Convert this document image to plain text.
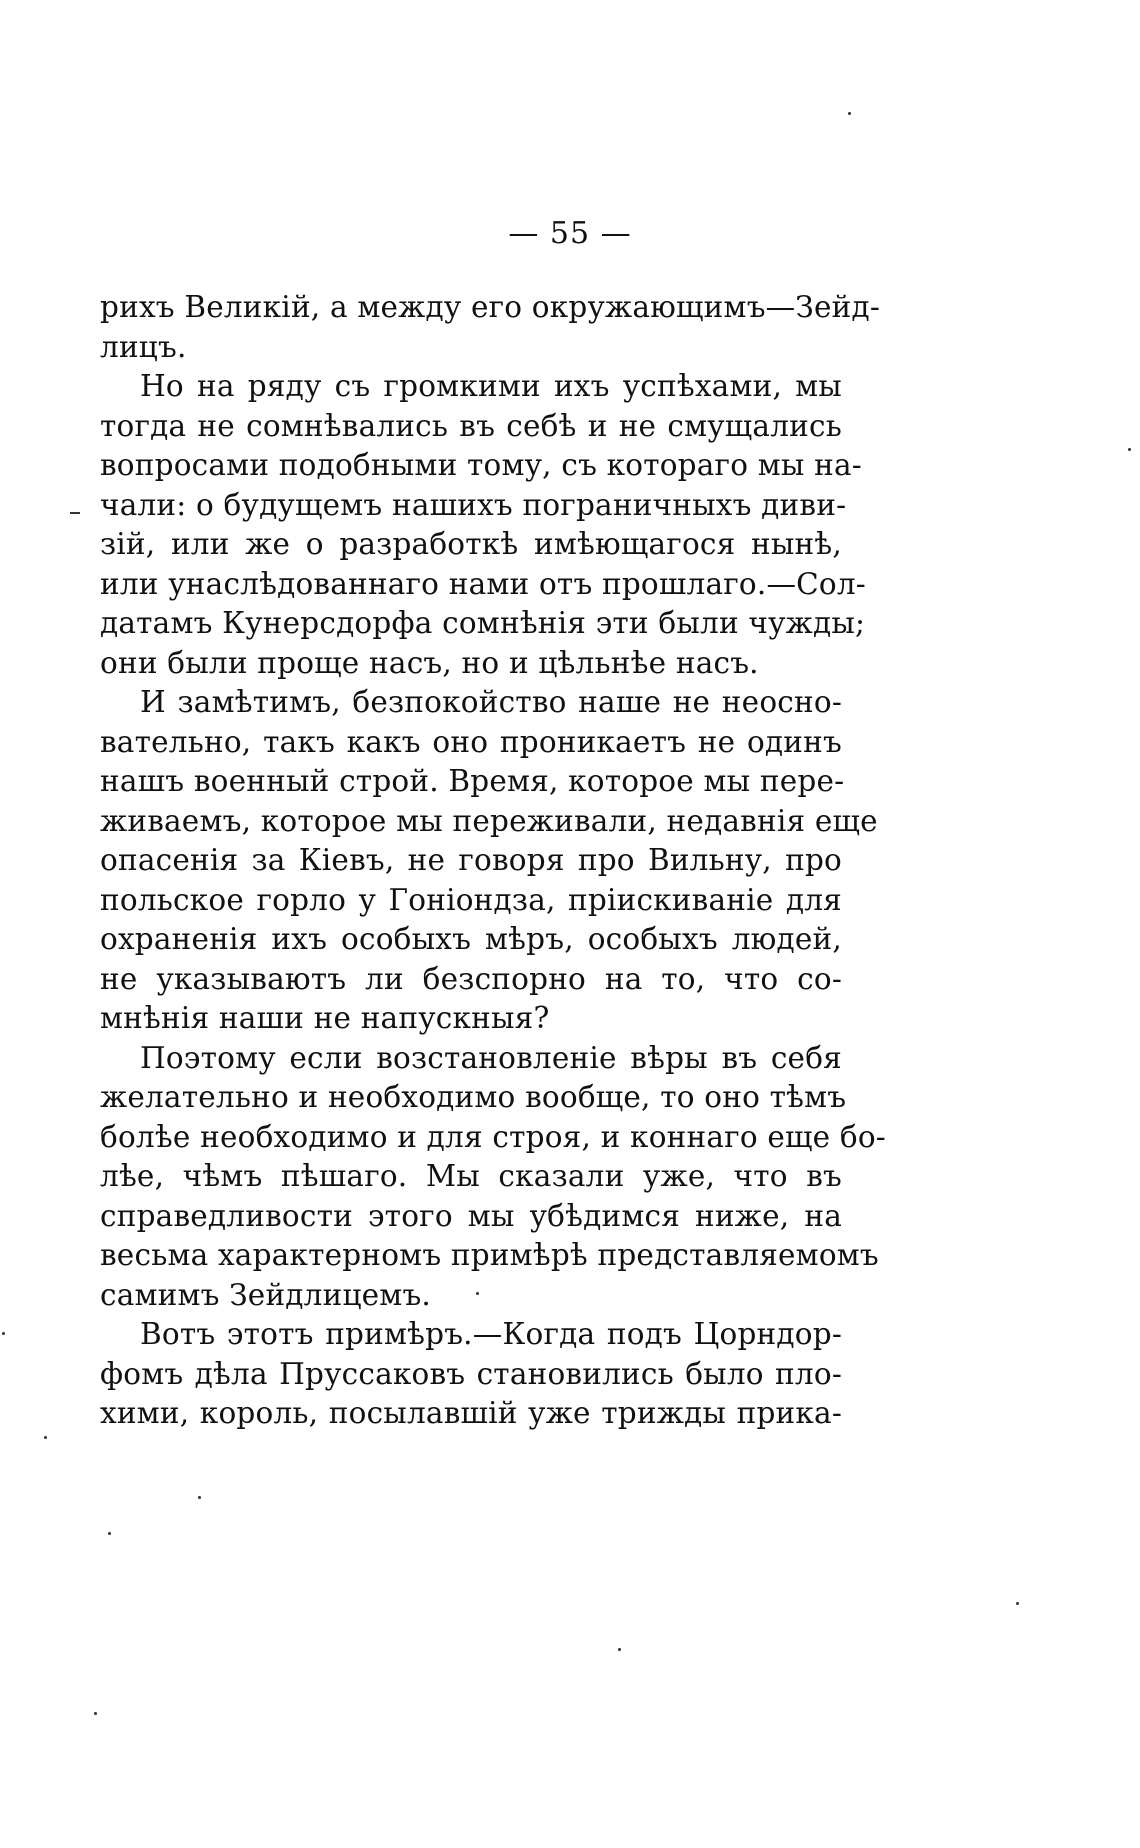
— 55 —
рихъ Великій, а между его окружающимъ—Зейд-
лицъ.
Но на ряду съ громкими ихъ успѣхами, мы
тогда не сомнѣвались въ себѣ и не смущались
вопросами подобными тому, съ котораго мы на-
чали: о будущемъ нашихъ пограничныхъ диви-
зій, или же о разработкѣ имѣющагося нынѣ,
или унаслѣдованнаго нами отъ прошлаго.—Сол-
датамъ Кунерсдорфа сомнѣнія эти были чужды;
они были проще насъ, но и цѣльнѣе насъ.
И замѣтимъ, безпокойство наше не неосно-
вательно, такъ какъ оно проникаетъ не одинъ
нашъ военный строй. Время, которое мы пере-
живаемъ, которое мы переживали, недавнія еще
опасенія за Кіевъ, не говоря про Вильну, про
польское горло у Гоніондза, пріискиваніе для
охраненія ихъ особыхъ мѣръ, особыхъ людей,
не указываютъ ли безспорно на то, что со-
мнѣнія наши не напускныя?
Поэтому если возстановленіе вѣры въ себя
желательно и необходимо вообще, то оно тѣмъ
болѣе необходимо и для строя, и коннаго еще бо-
лѣе, чѣмъ пѣшаго. Мы сказали уже, что въ
справедливости этого мы убѣдимся ниже, на
весьма характерномъ примѣрѣ представляемомъ
самимъ Зейдлицемъ.
Вотъ этотъ примѣръ.—Когда подъ Цорндор-
фомъ дѣла Пруссаковъ становились было пло-
хими, король, посылавшій уже трижды прика-
